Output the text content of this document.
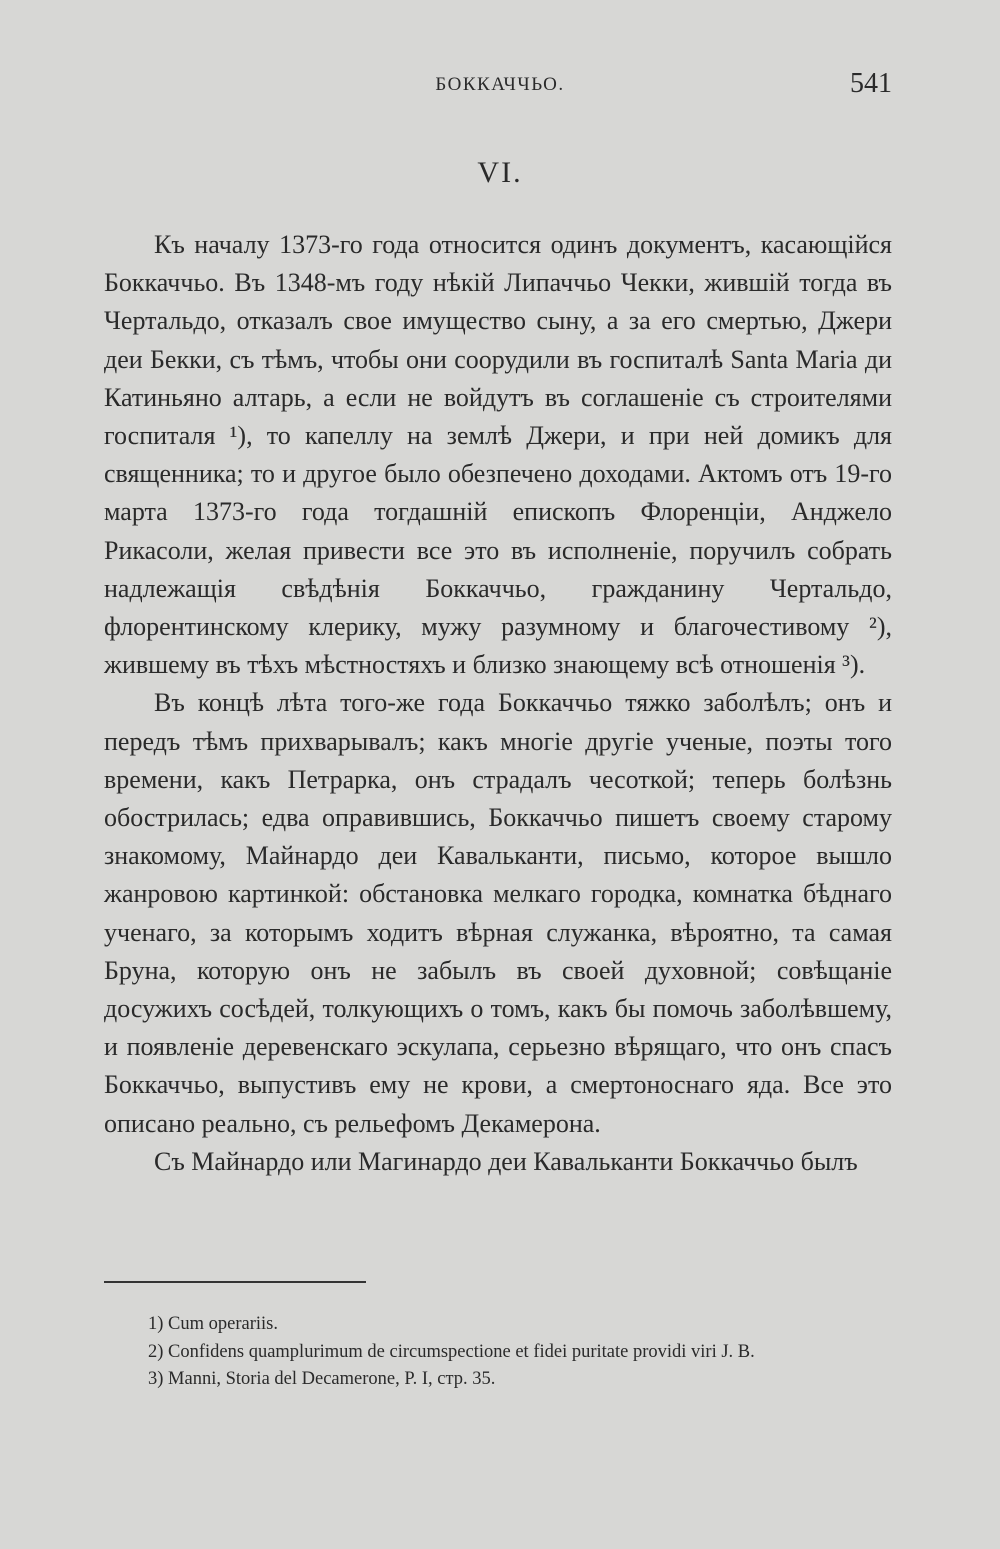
БОККАЧЧЬО.	541
VI.

Къ началу 1373-го года относится одинъ документъ, касающійся Боккаччьо. Въ 1348-мъ году нѣкій Липаччьо Чекки, жившій тогда въ Чертальдо, отказалъ свое имущество сыну, а за его смертью, Джери деи Бекки, съ тѣмъ, чтобы они соорудили въ госпиталѣ Santa Maria ди Катиньяно алтарь, а если не войдутъ въ соглашеніе съ строителями госпиталя ¹), то капеллу на землѣ Джери, и при ней домикъ для священника; то и другое было обезпечено доходами. Актомъ отъ 19-го марта 1373-го года тогдашній епископъ Флоренціи, Анджело Рикасоли, желая привести все это въ исполненіе, поручилъ собрать надлежащія свѣдѣнія Боккаччьо, гражданину Чертальдо, флорентинскому клерику, мужу разумному и благочестивому ²), жившему въ тѣхъ мѣстностяхъ и близко знающему всѣ отношенія ³).

Въ концѣ лѣта того-же года Боккаччьо тяжко заболѣлъ; онъ и передъ тѣмъ прихварывалъ; какъ многіе другіе ученые, поэты того времени, какъ Петрарка, онъ страдалъ чесоткой; теперь болѣзнь обострилась; едва оправившись, Боккаччьо пишетъ своему старому знакомому, Майнардо деи Кавальканти, письмо, которое вышло жанровою картинкой: обстановка мелкаго городка, комнатка бѣднаго ученаго, за которымъ ходитъ вѣрная служанка, вѣроятно, та самая Бруна, которую онъ не забылъ въ своей духовной; совѣщаніе досужихъ сосѣдей, толкующихъ о томъ, какъ бы помочь заболѣвшему, и появленіе деревенскаго эскулапа, серьезно вѣрящаго, что онъ спасъ Боккаччьо, выпустивъ ему не крови, а смертоноснаго яда. Все это описано реально, съ рельефомъ Декамерона.

Съ Майнардо или Магинардо деи Кавальканти Боккаччьо былъ

1) Cum operariis.

2) Confidens quamplurimum de circumspectione et fidei puritate providi viri J. B.

3) Manni, Storia del Decamerone, P. I, стр. 35.
